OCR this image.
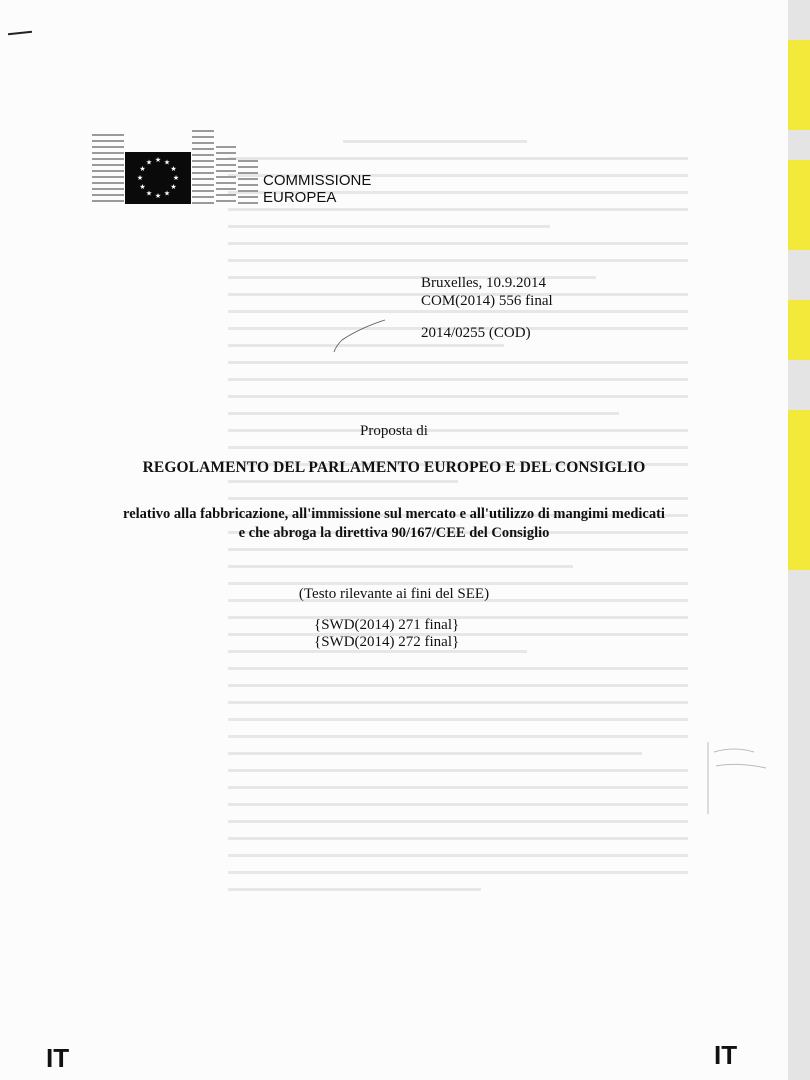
★ ★
★
★
★
★
★
★
★
★
★
★
COMMISSIONE
EUROPEA
Bruxelles, 10.9.2014
COM(2014) 556 final
2014/0255 (COD)
Proposta di
REGOLAMENTO DEL PARLAMENTO EUROPEO E DEL CONSIGLIO
relativo alla fabbricazione, all'immissione sul mercato e all'utilizzo di mangimi medicati
e che abroga la direttiva 90/167/CEE del Consiglio
(Testo rilevante ai fini del SEE)
{SWD(2014) 271 final}
{SWD(2014) 272 final}
IT	IT
